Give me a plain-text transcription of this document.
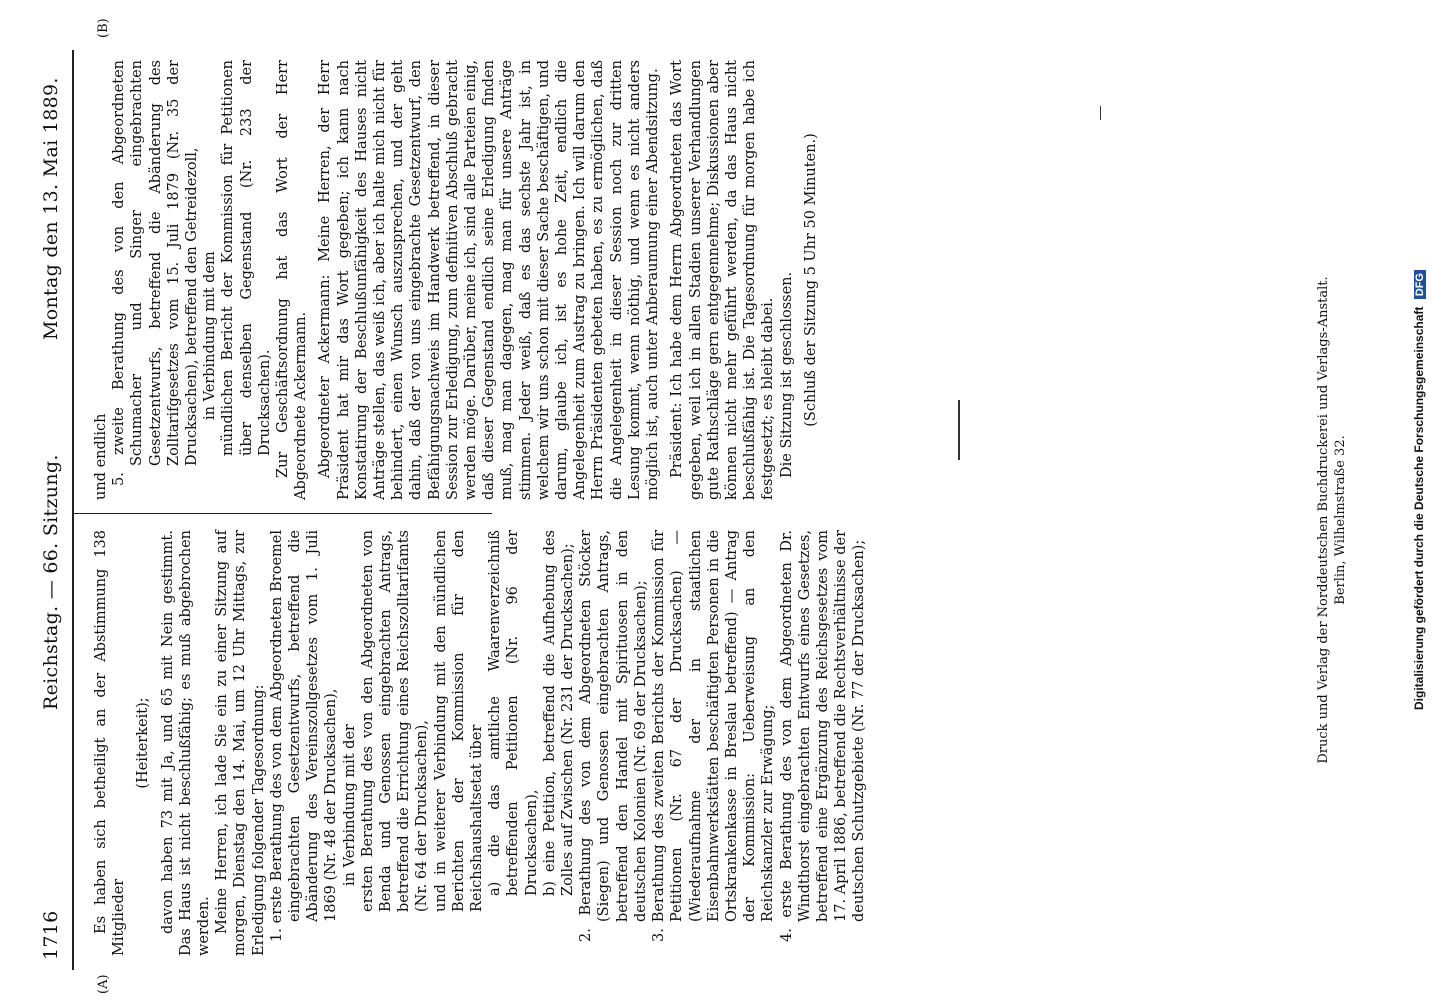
1716
Reichstag. — 66. Sitzung.
Montag den 13. Mai 1889.
(A)
(B)

Es haben sich betheiligt an der Abstimmung 138 Mitglieder

(Heiterkeit); davon haben 73 mit Ja, und 65 mit Nein gestimmt. Das Haus ist nicht beschlußfähig; es muß abgebrochen werden. Meine Herren, ich lade Sie ein zu einer Sitzung auf morgen, Dienstag den 14. Mai, um 12 Uhr Mittags, zur Erledigung folgender Tagesordnung: 1. erste Berathung des von dem Abgeordneten Broemel eingebrachten Gesetzentwurfs, betreffend die Abänderung des Vereinszollgesetzes vom 1. Juli 1869 (Nr. 48 der Drucksachen), in Verbindung mit der ersten Berathung des von den Abgeordneten von Benda und Genossen eingebrachten Antrags, betreffend die Errichtung eines Reichszolltarifamts (Nr. 64 der Drucksachen), und in weiterer Verbindung mit den mündlichen Berichten der Kommission für den Reichshaushaltsetat über a) die das amtliche Waarenverzeichniß betreffenden Petitionen (Nr. 96 der Drucksachen), b) eine Petition, betreffend die Aufhebung des Zolles auf Zwischen (Nr. 231 der Drucksachen); 2. Berathung des von dem Abgeordneten Stöcker (Siegen) und Genossen eingebrachten Antrags, betreffend den Handel mit Spirituosen in den deutschen Kolonien (Nr. 69 der Drucksachen); 3. Berathung des zweiten Berichts der Kommission für Petitionen (Nr. 67 der Drucksachen) — (Wiederaufnahme der in staatlichen Eisenbahnwerkstätten beschäftigten Personen in die Ortskrankenkasse in Breslau betreffend) — Antrag der Kommission: Ueberweisung an den Reichskanzler zur Erwägung; 4. erste Berathung des von dem Abgeordneten Dr. Windthorst eingebrachten Entwurfs eines Gesetzes, betreffend eine Ergänzung des Reichsgesetzes vom 17. April 1886, betreffend die Rechtsverhältnisse der deutschen Schutzgebiete (Nr. 77 der Drucksachen);

und endlich 5. zweite Berathung des von den Abgeordneten Schumacher und Singer eingebrachten Gesetzentwurfs, betreffend die Abänderung des Zolltarifgesetzes vom 15. Juli 1879 (Nr. 35 der Drucksachen), betreffend den Getreidezoll, in Verbindung mit dem mündlichen Bericht der Kommission für Petitionen über denselben Gegenstand (Nr. 233 der Drucksachen). Zur Geschäftsordnung hat das Wort der Herr Abgeordnete Ackermann. Abgeordneter Ackermann: Meine Herren, der Herr Präsident hat mir das Wort gegeben; ich kann nach Konstatirung der Beschlußunfähigkeit des Hauses nicht Anträge stellen, das weiß ich, aber ich halte mich nicht für behindert, einen Wunsch auszusprechen, und der geht dahin, daß der von uns eingebrachte Gesetzentwurf, den Befähigungsnachweis im Handwerk betreffend, in dieser Session zur Erledigung, zum definitiven Abschluß gebracht werden möge. Darüber, meine ich, sind alle Parteien einig, daß dieser Gegenstand endlich seine Erledigung finden muß, mag man dagegen, mag man für unsere Anträge stimmen. Jeder weiß, daß es das sechste Jahr ist, in welchem wir uns schon mit dieser Sache beschäftigen, und darum, glaube ich, ist es hohe Zeit, endlich die Angelegenheit zum Austrag zu bringen. Ich will darum den Herrn Präsidenten gebeten haben, es zu ermöglichen, daß die Angelegenheit in dieser Session noch zur dritten Lesung kommt, wenn nöthig, und wenn es nicht anders möglich ist, auch unter Anberaumung einer Abendsitzung. Präsident: Ich habe dem Herrn Abgeordneten das Wort gegeben, weil ich in allen Stadien unserer Verhandlungen gute Rathschläge gern entgegennehme; Diskussionen aber können nicht mehr geführt werden, da das Haus nicht beschlußfähig ist. Die Tagesordnung für morgen habe ich festgesetzt; es bleibt dabei. Die Sitzung ist geschlossen. (Schluß der Sitzung 5 Uhr 50 Minuten.)	Druck und Verlag der Norddeutschen Buchdruckerei und Verlags-Anstalt. Berlin, Wilhelmstraße 32.	Digitalisierung gefördert durch die Deutsche Forschungsgemeinschaft DFG
